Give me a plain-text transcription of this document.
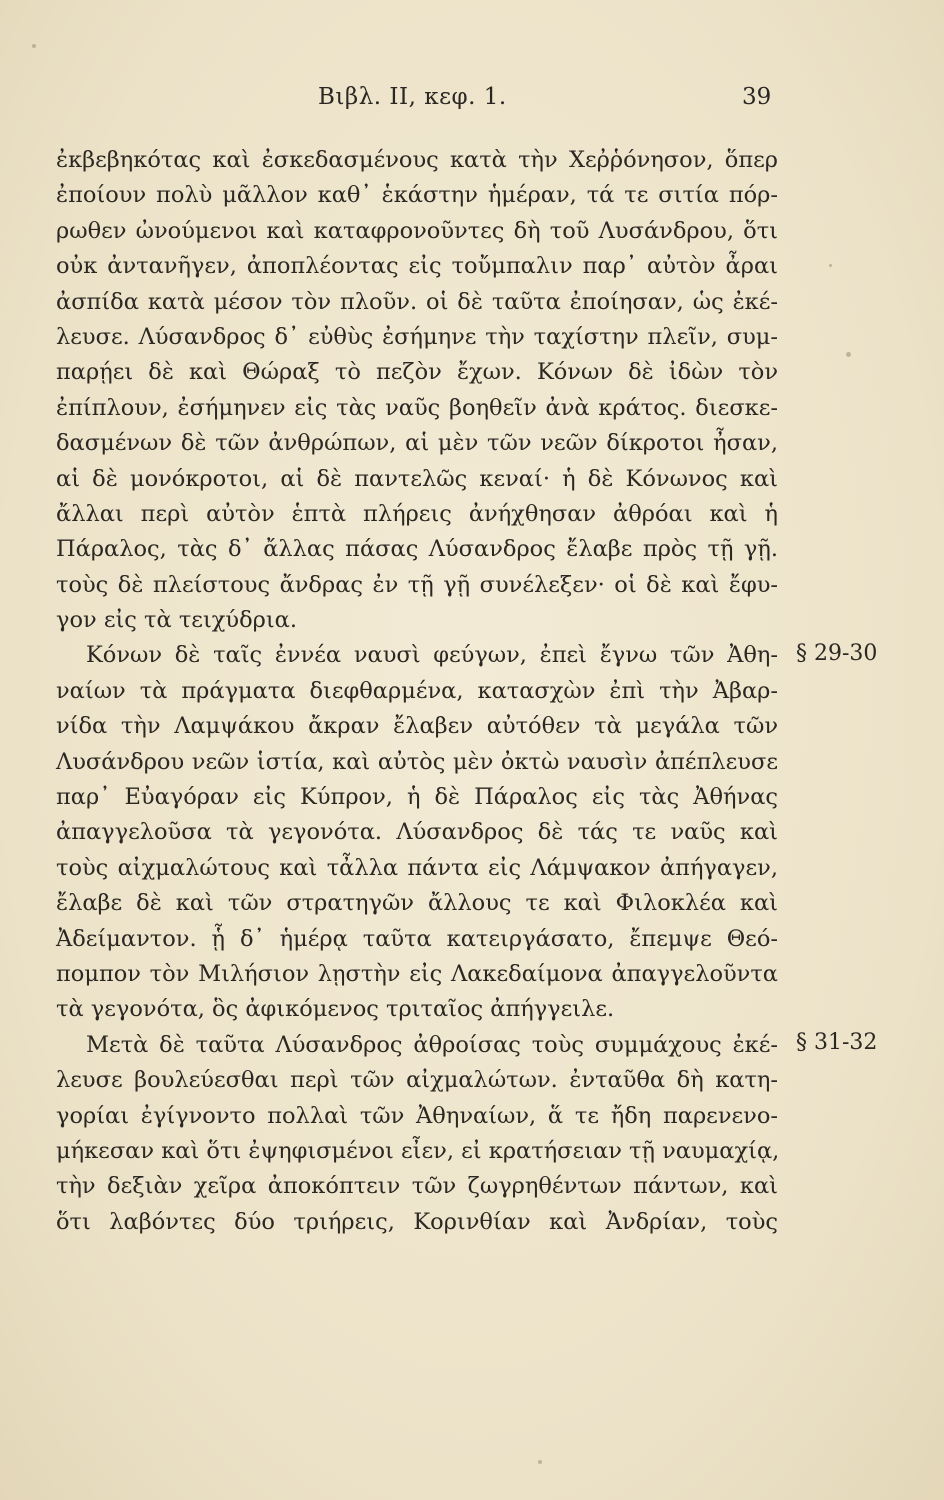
Βιβλ. II, κεφ. 1.	39
ἐκβεβηκότας καὶ ἐσκεδασμένους κατὰ τὴν Χεῤῥόνησον, ὅπερ
ἐποίουν πολὺ μᾶλλον καθ᾽ ἑκάστην ἡμέραν, τά τε σιτία πόρ-
ρωθεν ὠνούμενοι καὶ καταφρονοῦντες δὴ τοῦ Λυσάνδρου, ὅτι
οὐκ ἀντανῆγεν, ἀποπλέοντας εἰς τοὔμπαλιν παρ᾽ αὐτὸν ἆραι
ἀσπίδα κατὰ μέσον τὸν πλοῦν. οἱ δὲ ταῦτα ἐποίησαν, ὡς ἐκέ-
λευσε. Λύσανδρος δ᾽ εὐθὺς ἐσήμηνε τὴν ταχίστην πλεῖν, συμ-
παρῄει δὲ καὶ Θώραξ τὸ πεζὸν ἔχων. Κόνων δὲ ἰδὼν τὸν
ἐπίπλουν, ἐσήμηνεν εἰς τὰς ναῦς βοηθεῖν ἀνὰ κράτος. διεσκε-
δασμένων δὲ τῶν ἀνθρώπων, αἱ μὲν τῶν νεῶν δίκροτοι ἦσαν,
αἱ δὲ μονόκροτοι, αἱ δὲ παντελῶς κεναί· ἡ δὲ Κόνωνος καὶ
ἄλλαι περὶ αὐτὸν ἑπτὰ πλήρεις ἀνήχθησαν ἀθρόαι καὶ ἡ
Πάραλος, τὰς δ᾽ ἄλλας πάσας Λύσανδρος ἔλαβε πρὸς τῇ γῇ.
τοὺς δὲ πλείστους ἄνδρας ἐν τῇ γῇ συνέλεξεν· οἱ δὲ καὶ ἔφυ-
γον εἰς τὰ τειχύδρια.
Κόνων δὲ ταῖς ἐννέα ναυσὶ φεύγων, ἐπεὶ ἔγνω τῶν Ἀθη-
ναίων τὰ πράγματα διεφθαρμένα, κατασχὼν ἐπὶ τὴν Ἀβαρ-
νίδα τὴν Λαμψάκου ἄκραν ἔλαβεν αὐτόθεν τὰ μεγάλα τῶν
Λυσάνδρου νεῶν ἱστία, καὶ αὐτὸς μὲν ὀκτὼ ναυσὶν ἀπέπλευσε
παρ᾽ Εὐαγόραν εἰς Κύπρον, ἡ δὲ Πάραλος εἰς τὰς Ἀθήνας
ἀπαγγελοῦσα τὰ γεγονότα. Λύσανδρος δὲ τάς τε ναῦς καὶ
τοὺς αἰχμαλώτους καὶ τἆλλα πάντα εἰς Λάμψακον ἀπήγαγεν,
ἔλαβε δὲ καὶ τῶν στρατηγῶν ἄλλους τε καὶ Φιλοκλέα καὶ
Ἀδείμαντον. ᾗ δ᾽ ἡμέρᾳ ταῦτα κατειργάσατο, ἔπεμψε Θεό-
πομπον τὸν Μιλήσιον λῃστὴν εἰς Λακεδαίμονα ἀπαγγελοῦντα
τὰ γεγονότα, ὃς ἀφικόμενος τριταῖος ἀπήγγειλε.
Μετὰ δὲ ταῦτα Λύσανδρος ἀθροίσας τοὺς συμμάχους ἐκέ-
λευσε βουλεύεσθαι περὶ τῶν αἰχμαλώτων. ἐνταῦθα δὴ κατη-
γορίαι ἐγίγνοντο πολλαὶ τῶν Ἀθηναίων, ἅ τε ἤδη παρενενο-
μήκεσαν καὶ ὅτι ἐψηφισμένοι εἶεν, εἰ κρατήσειαν τῇ ναυμαχίᾳ,
τὴν δεξιὰν χεῖρα ἀποκόπτειν τῶν ζωγρηθέντων πάντων, καὶ
ὅτι λαβόντες δύο τριήρεις, Κορινθίαν καὶ Ἀνδρίαν, τοὺς
§ 29-30
§ 31-32
